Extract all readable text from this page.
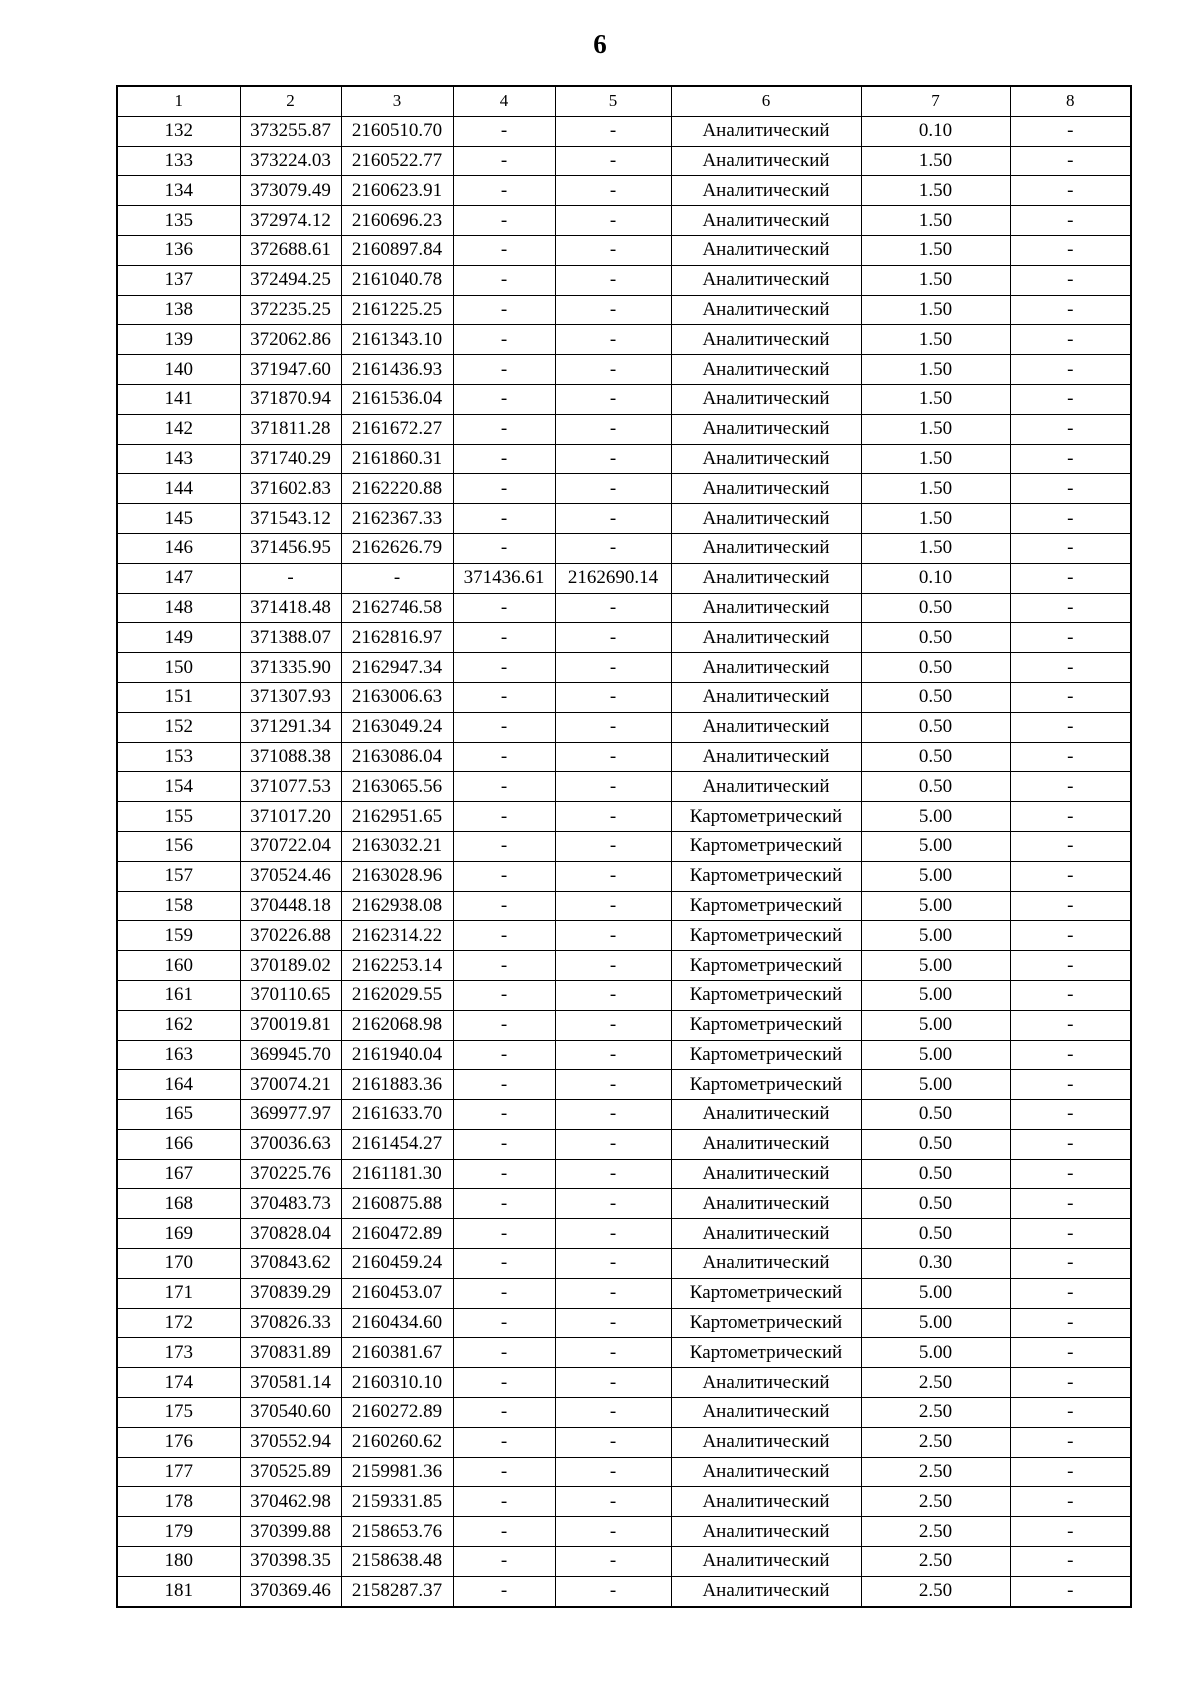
6
1	2	3	4	5	6	7	8
132	373255.87	2160510.70	-	-	Аналитический	0.10	-
133	373224.03	2160522.77	-	-	Аналитический	1.50	-
134	373079.49	2160623.91	-	-	Аналитический	1.50	-
135	372974.12	2160696.23	-	-	Аналитический	1.50	-
136	372688.61	2160897.84	-	-	Аналитический	1.50	-
137	372494.25	2161040.78	-	-	Аналитический	1.50	-
138	372235.25	2161225.25	-	-	Аналитический	1.50	-
139	372062.86	2161343.10	-	-	Аналитический	1.50	-
140	371947.60	2161436.93	-	-	Аналитический	1.50	-
141	371870.94	2161536.04	-	-	Аналитический	1.50	-
142	371811.28	2161672.27	-	-	Аналитический	1.50	-
143	371740.29	2161860.31	-	-	Аналитический	1.50	-
144	371602.83	2162220.88	-	-	Аналитический	1.50	-
145	371543.12	2162367.33	-	-	Аналитический	1.50	-
146	371456.95	2162626.79	-	-	Аналитический	1.50	-
147	-	-	371436.61	2162690.14	Аналитический	0.10	-
148	371418.48	2162746.58	-	-	Аналитический	0.50	-
149	371388.07	2162816.97	-	-	Аналитический	0.50	-
150	371335.90	2162947.34	-	-	Аналитический	0.50	-
151	371307.93	2163006.63	-	-	Аналитический	0.50	-
152	371291.34	2163049.24	-	-	Аналитический	0.50	-
153	371088.38	2163086.04	-	-	Аналитический	0.50	-
154	371077.53	2163065.56	-	-	Аналитический	0.50	-
155	371017.20	2162951.65	-	-	Картометрический	5.00	-
156	370722.04	2163032.21	-	-	Картометрический	5.00	-
157	370524.46	2163028.96	-	-	Картометрический	5.00	-
158	370448.18	2162938.08	-	-	Картометрический	5.00	-
159	370226.88	2162314.22	-	-	Картометрический	5.00	-
160	370189.02	2162253.14	-	-	Картометрический	5.00	-
161	370110.65	2162029.55	-	-	Картометрический	5.00	-
162	370019.81	2162068.98	-	-	Картометрический	5.00	-
163	369945.70	2161940.04	-	-	Картометрический	5.00	-
164	370074.21	2161883.36	-	-	Картометрический	5.00	-
165	369977.97	2161633.70	-	-	Аналитический	0.50	-
166	370036.63	2161454.27	-	-	Аналитический	0.50	-
167	370225.76	2161181.30	-	-	Аналитический	0.50	-
168	370483.73	2160875.88	-	-	Аналитический	0.50	-
169	370828.04	2160472.89	-	-	Аналитический	0.50	-
170	370843.62	2160459.24	-	-	Аналитический	0.30	-
171	370839.29	2160453.07	-	-	Картометрический	5.00	-
172	370826.33	2160434.60	-	-	Картометрический	5.00	-
173	370831.89	2160381.67	-	-	Картометрический	5.00	-
174	370581.14	2160310.10	-	-	Аналитический	2.50	-
175	370540.60	2160272.89	-	-	Аналитический	2.50	-
176	370552.94	2160260.62	-	-	Аналитический	2.50	-
177	370525.89	2159981.36	-	-	Аналитический	2.50	-
178	370462.98	2159331.85	-	-	Аналитический	2.50	-
179	370399.88	2158653.76	-	-	Аналитический	2.50	-
180	370398.35	2158638.48	-	-	Аналитический	2.50	-
181	370369.46	2158287.37	-	-	Аналитический	2.50	-
